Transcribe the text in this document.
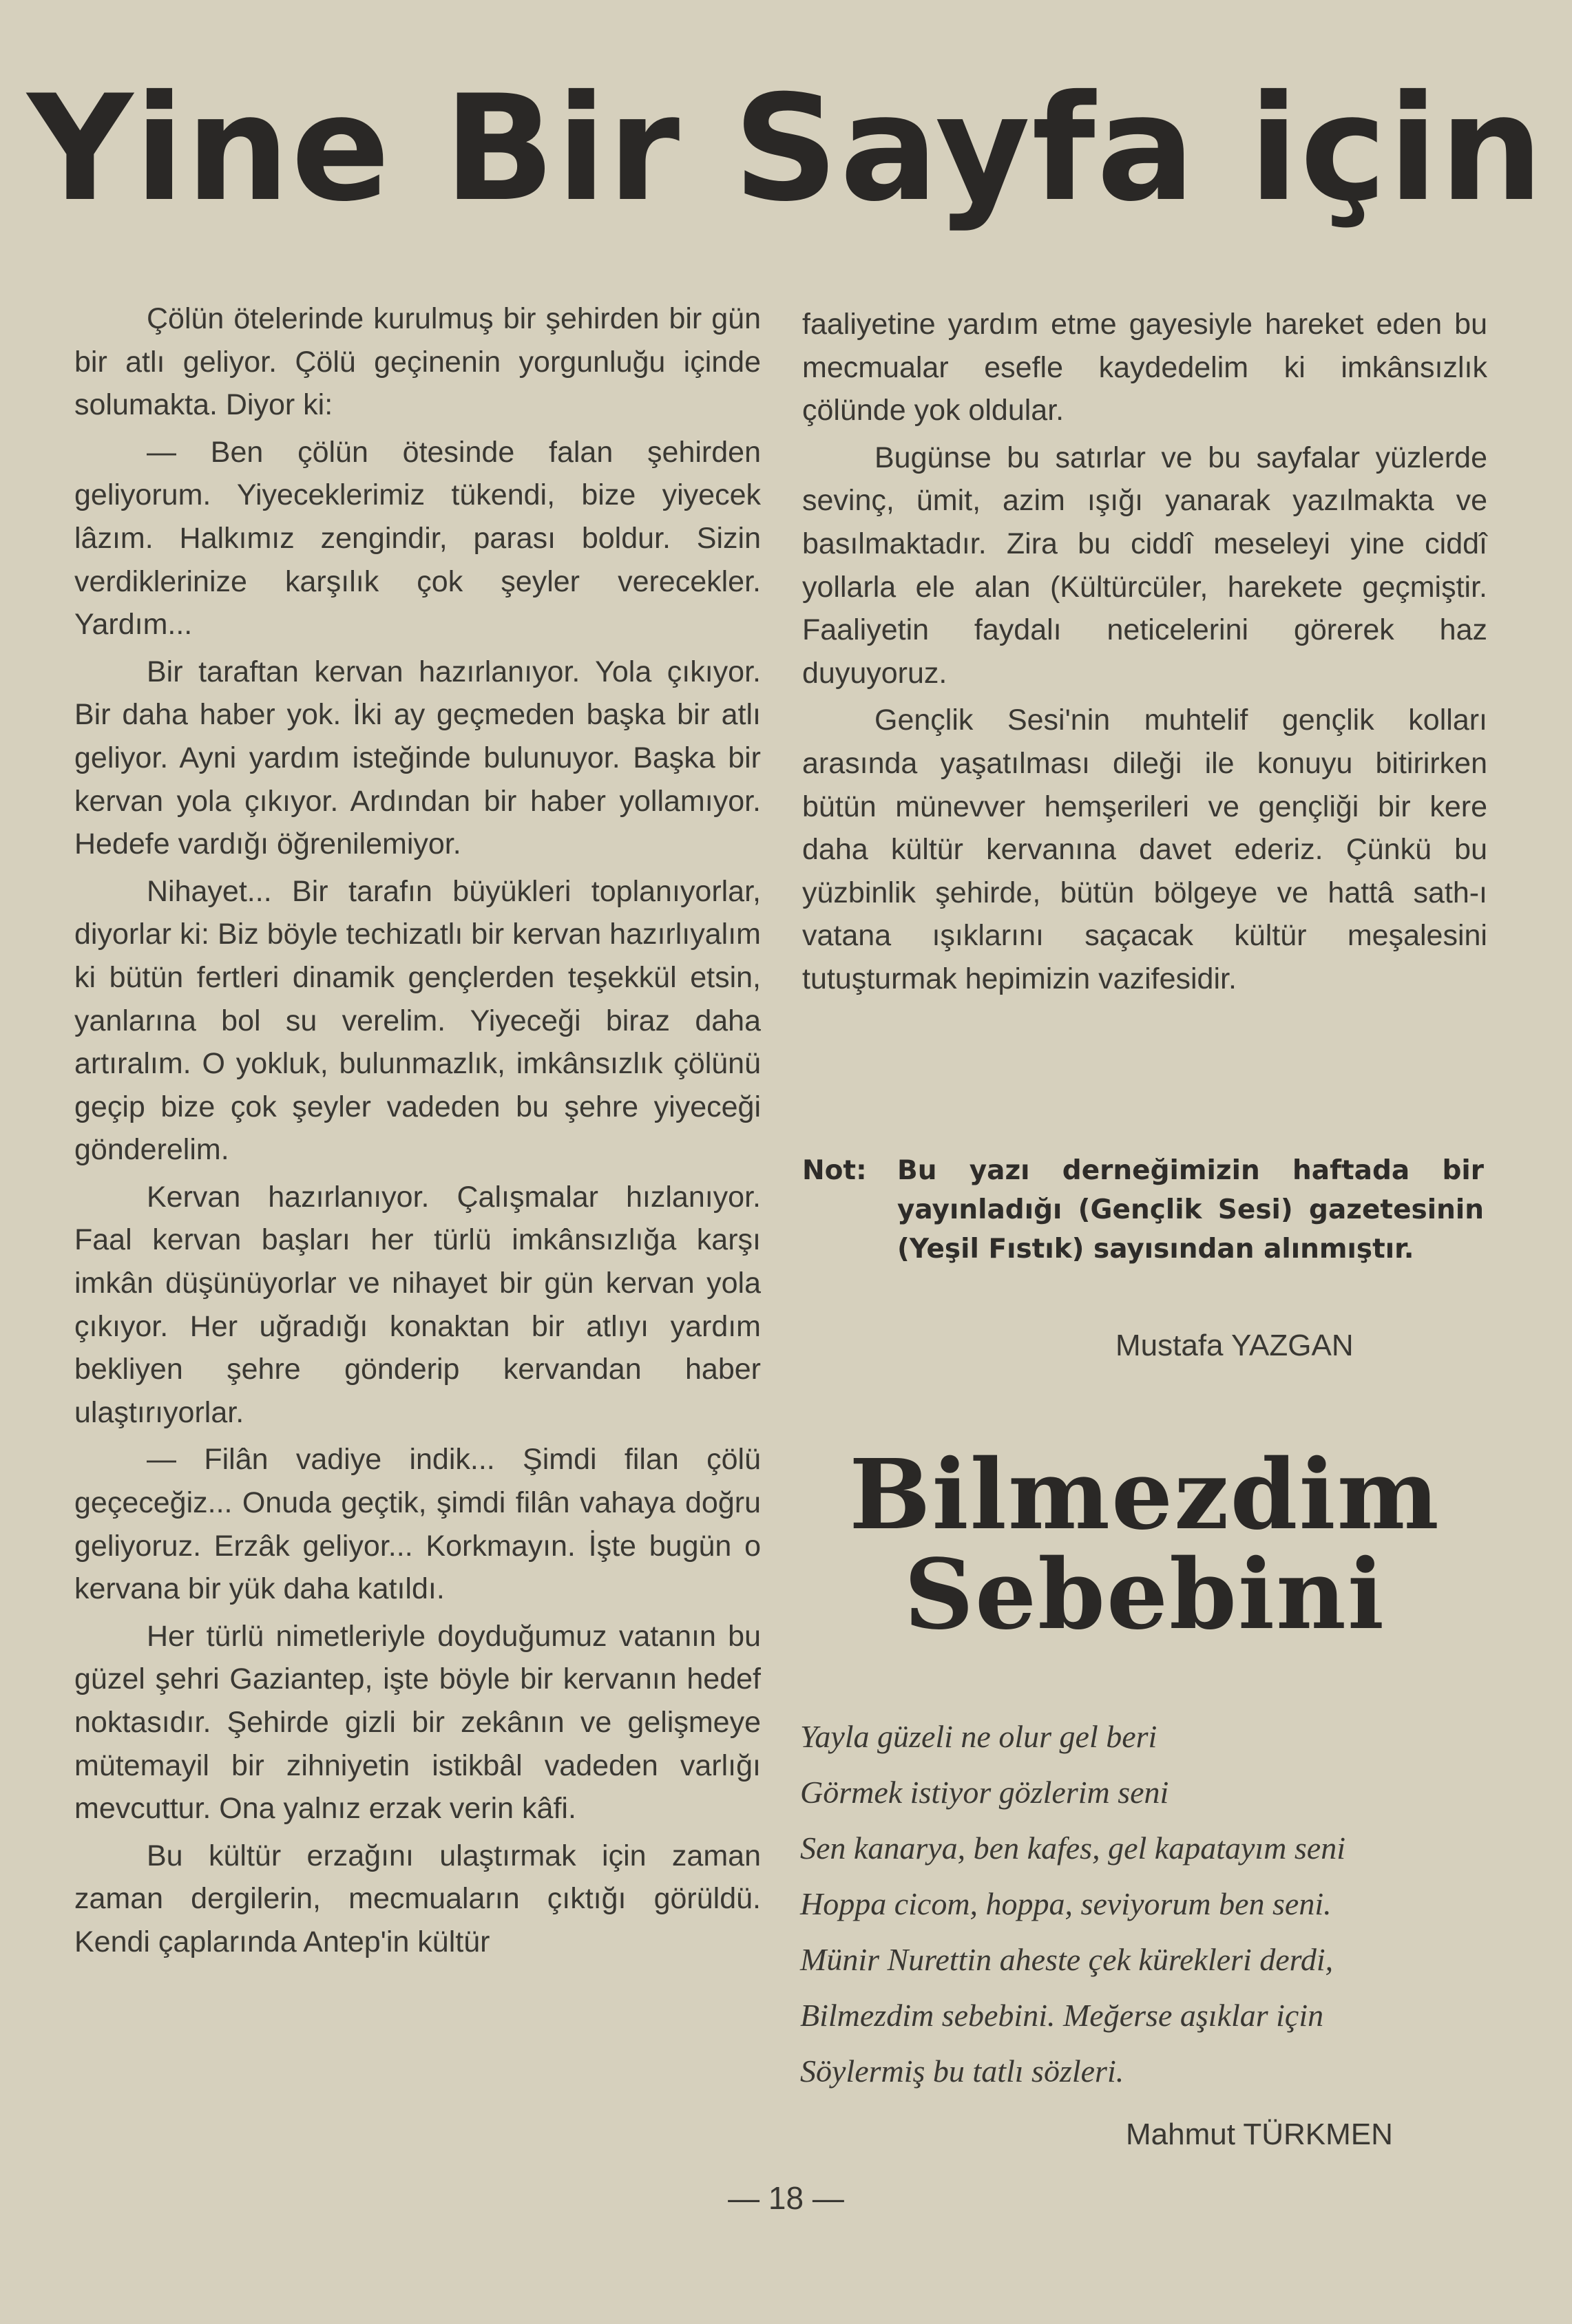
Yine Bir Sayfa için

Çölün ötelerinde kurulmuş bir şehirden bir gün bir atlı geliyor. Çölü geçinenin yorgunluğu içinde solumakta. Diyor ki:

— Ben çölün ötesinde falan şehirden geliyorum. Yiyeceklerimiz tükendi, bize yiyecek lâzım. Halkımız zengindir, parası boldur. Sizin verdiklerinize karşılık çok şeyler verecekler. Yardım...

Bir taraftan kervan hazırlanıyor. Yola çıkıyor. Bir daha haber yok. İki ay geçmeden başka bir atlı geliyor. Ayni yardım isteğinde bulunuyor. Başka bir kervan yola çıkıyor. Ardından bir haber yollamıyor. Hedefe vardığı öğrenilemiyor.

Nihayet... Bir tarafın büyükleri toplanıyorlar, diyorlar ki: Biz böyle techizatlı bir kervan hazırlıyalım ki bütün fertleri dinamik gençlerden teşekkül etsin, yanlarına bol su verelim. Yiyeceği biraz daha artıralım. O yokluk, bulunmazlık, imkânsızlık çölünü geçip bize çok şeyler vadeden bu şehre yiyeceği gönderelim.

Kervan hazırlanıyor. Çalışmalar hızlanıyor. Faal kervan başları her türlü imkânsızlığa karşı imkân düşünüyorlar ve nihayet bir gün kervan yola çıkıyor. Her uğradığı konaktan bir atlıyı yardım bekliyen şehre gönderip kervandan haber ulaştırıyorlar.

— Filân vadiye indik... Şimdi filan çölü geçeceğiz... Onuda geçtik, şimdi filân vahaya doğru geliyoruz. Erzâk geliyor... Korkmayın. İşte bugün o kervana bir yük daha katıldı.

Her türlü nimetleriyle doyduğumuz vatanın bu güzel şehri Gaziantep, işte böyle bir kervanın hedef noktasıdır. Şehirde gizli bir zekânın ve gelişmeye mütemayil bir zihniyetin istikbâl vadeden varlığı mevcuttur. Ona yalnız erzak verin kâfi.

Bu kültür erzağını ulaştırmak için zaman zaman dergilerin, mecmuaların çıktığı görüldü. Kendi çaplarında Antep'in kültür

faaliyetine yardım etme gayesiyle hareket eden bu mecmualar esefle kaydedelim ki imkânsızlık çölünde yok oldular.

Bugünse bu satırlar ve bu sayfalar yüzlerde sevinç, ümit, azim ışığı yanarak yazılmakta ve basılmaktadır. Zira bu ciddî meseleyi yine ciddî yollarla ele alan (Kültürcüler, harekete geçmiştir. Faaliyetin faydalı neticelerini görerek haz duyuyoruz.

Gençlik Sesi'nin muhtelif gençlik kolları arasında yaşatılması dileği ile konuyu bitirirken bütün münevver hemşerileri ve gençliği bir kere daha kültür kervanına davet ederiz. Çünkü bu yüzbinlik şehirde, bütün bölgeye ve hattâ sath-ı vatana ışıklarını saçacak kültür meşalesini tutuşturmak hepimizin vazifesidir.

Not: Bu yazı derneğimizin haftada bir yayınladığı (Gençlik Sesi) gazetesinin (Yeşil Fıstık) sayısından alınmıştır.
Mustafa YAZGAN
Bilmezdim
Sebebini
Yayla güzeli ne olur gel beri
Görmek istiyor gözlerim seni
Sen kanarya, ben kafes, gel kapatayım seni
Hoppa cicom, hoppa, seviyorum ben seni.
Münir Nurettin aheste çek kürekleri derdi,
Bilmezdim sebebini. Meğerse aşıklar için
Söylermiş bu tatlı sözleri.
Mahmut TÜRKMEN
— 18 —
